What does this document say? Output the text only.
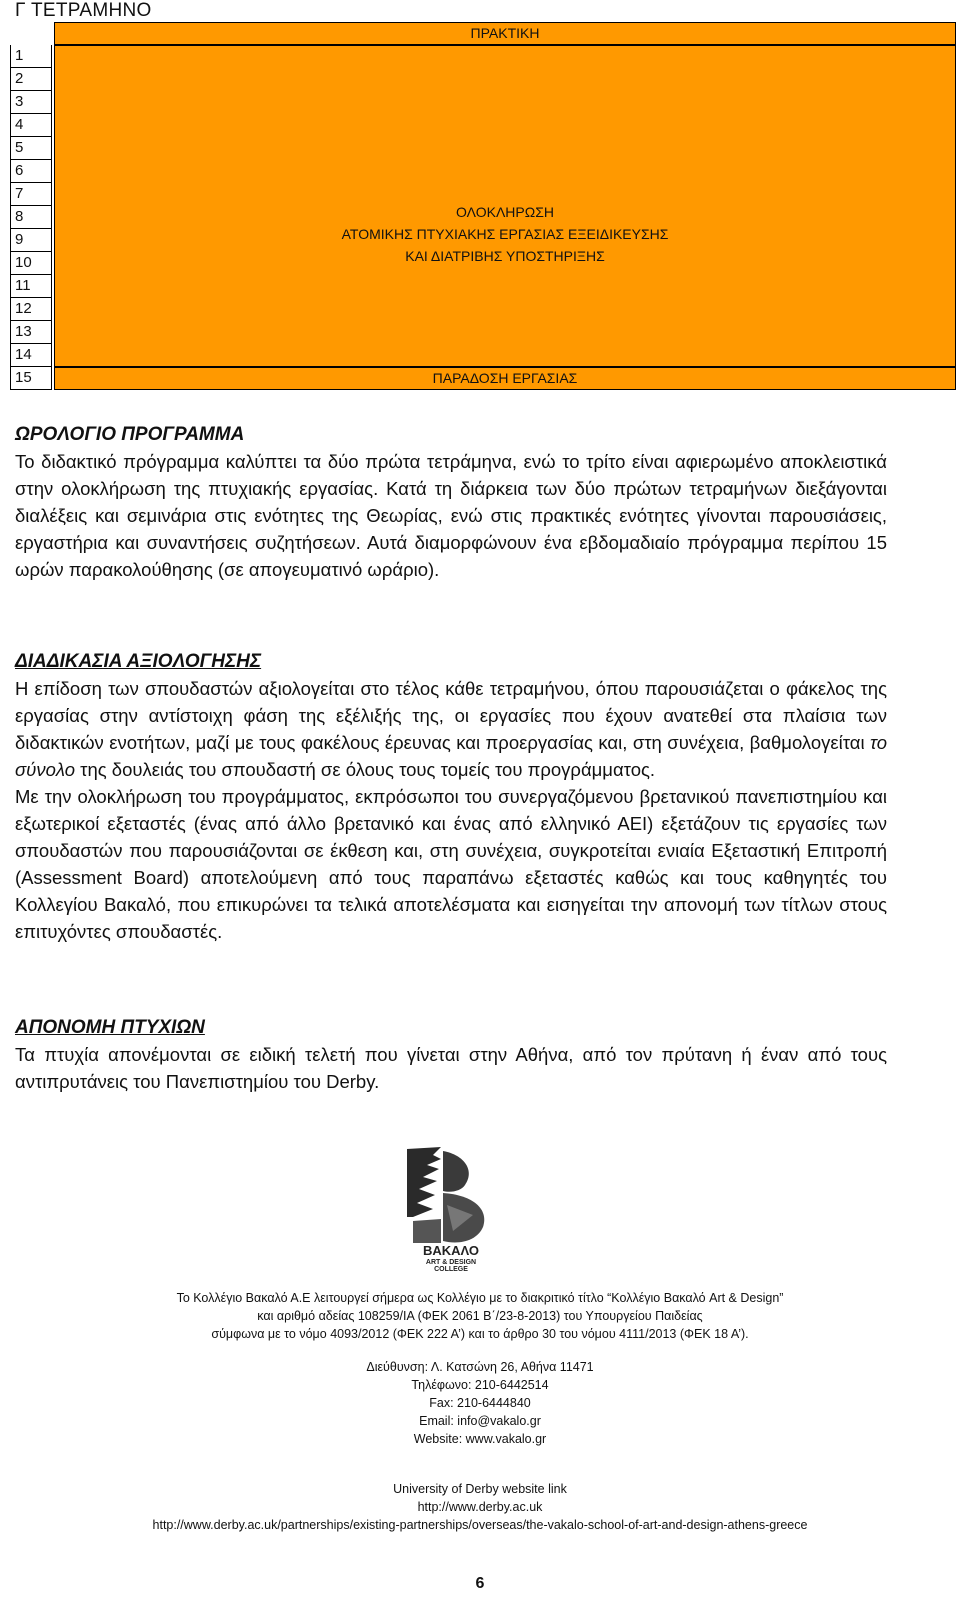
Γ ΤΕΤΡΑΜΗΝΟ
ΠΡΑΚΤΙΚΗ
1
2
3
4
5
6
7
8
9
10
11
12
13
14
15	ΠΑΡΑΔΟΣΗ ΕΡΓΑΣΙΑΣ
ΟΛΟΚΛΗΡΩΣΗ
ΑΤΟΜΙΚΗΣ ΠΤΥΧΙΑΚΗΣ ΕΡΓΑΣΙΑΣ ΕΞΕΙΔΙΚΕΥΣΗΣ
ΚΑΙ ΔΙΑΤΡΙΒΗΣ ΥΠΟΣΤΗΡΙΞΗΣ
ΩΡΟΛΟΓΙΟ ΠΡΟΓΡΑΜΜΑ
Το διδακτικό πρόγραμμα καλύπτει τα δύο πρώτα τετράμηνα, ενώ το τρίτο είναι αφιερωμένο αποκλειστικά στην ολοκλήρωση της πτυχιακής εργασίας. Κατά τη διάρκεια των δύο πρώτων τετραμήνων διεξάγονται διαλέξεις και σεμινάρια στις ενότητες της Θεωρίας, ενώ στις πρακτικές ενότητες γίνονται παρουσιάσεις, εργαστήρια και συναντήσεις συζητήσεων. Αυτά διαμορφώνουν ένα εβδομαδιαίο πρόγραμμα περίπου 15 ωρών παρακολούθησης (σε απογευματινό ωράριο).
ΔΙΑΔΙΚΑΣΙΑ ΑΞΙΟΛΟΓΗΣΗΣ
Η επίδοση των σπουδαστών αξιολογείται στο τέλος κάθε τετραμήνου, όπου παρουσιάζεται ο φάκελος της εργασίας στην αντίστοιχη φάση της εξέλιξής της, οι εργασίες που έχουν ανατεθεί στα πλαίσια των διδακτικών ενοτήτων, μαζί με τους φακέλους έρευνας και προεργασίας και, στη συνέχεια, βαθμολογείται το σύνολο της δουλειάς του σπουδαστή σε όλους τους τομείς του προγράμματος.
Με την ολοκλήρωση του προγράμματος, εκπρόσωποι του συνεργαζόμενου βρετανικού πανεπιστημίου και εξωτερικοί εξεταστές (ένας από άλλο βρετανικό και ένας από ελληνικό ΑΕΙ) εξετάζουν τις εργασίες των σπουδαστών που παρουσιάζονται σε έκθεση και, στη συνέχεια, συγκροτείται ενιαία Εξεταστική Επιτροπή (Assessment Board) αποτελούμενη από τους παραπάνω εξεταστές καθώς και τους καθηγητές του Κολλεγίου Βακαλό, που επικυρώνει τα τελικά αποτελέσματα και εισηγείται την απονομή των τίτλων στους επιτυχόντες σπουδαστές.
ΑΠΟΝΟΜΗ ΠΤΥΧΙΩΝ
Τα πτυχία απονέμονται σε ειδική τελετή που γίνεται στην Αθήνα, από τον πρύτανη ή έναν από τους αντιπρυτάνεις του Πανεπιστημίου του Derby.
ΒΑΚΑΛΟ
ART & DESIGN
COLLEGE
Το Κολλέγιο Βακαλό Α.Ε λειτουργεί σήμερα ως Κολλέγιο με το διακριτικό τίτλο “Κολλέγιο Βακαλό Art & Design”
και αριθμό αδείας 108259/ΙΑ (ΦΕΚ 2061 Β΄/23-8-2013) του Υπουργείου Παιδείας
σύμφωνα με το νόμο 4093/2012 (ΦΕΚ 222 Α’) και το άρθρο 30 του νόμου 4111/2013 (ΦΕΚ 18 Α’).
Διεύθυνση: Λ. Κατσώνη 26, Αθήνα 11471
Τηλέφωνο: 210-6442514
Fax: 210-6444840
Email: info@vakalo.gr
Website: www.vakalo.gr
University of Derby website link
http://www.derby.ac.uk
http://www.derby.ac.uk/partnerships/existing-partnerships/overseas/the-vakalo-school-of-art-and-design-athens-greece
6
